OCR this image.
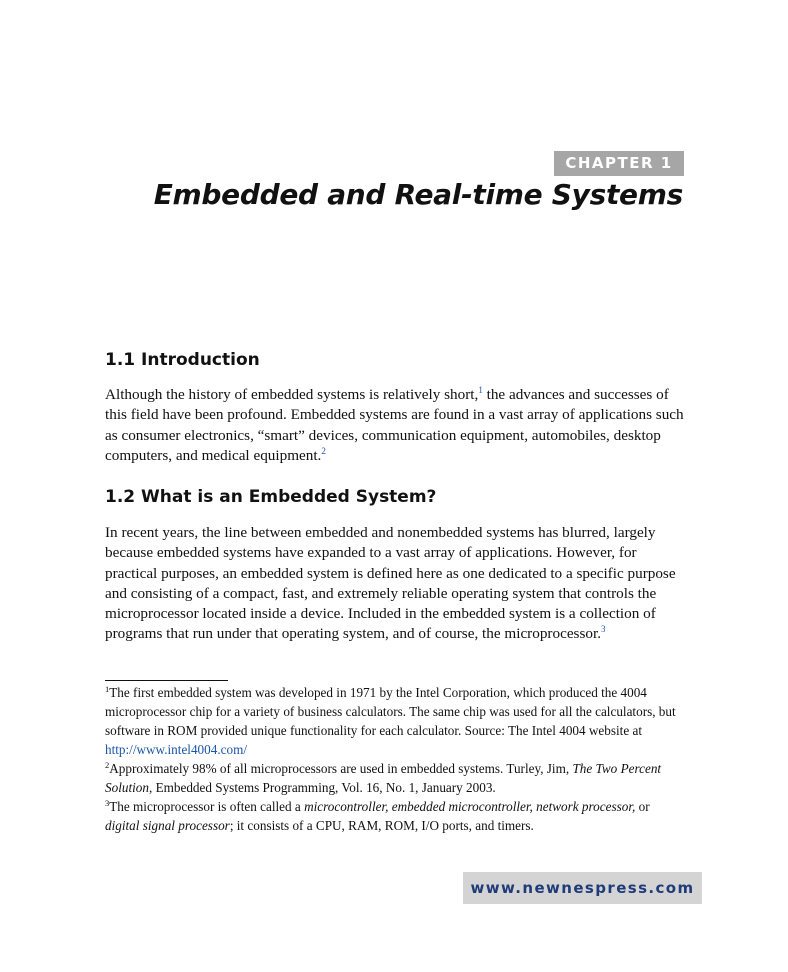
CHAPTER 1
Embedded and Real-time Systems
1.1 Introduction

Although the history of embedded systems is relatively short,$^1$ the advances and successes of this field have been profound. Embedded systems are found in a vast array of applications such as consumer electronics, “smart” devices, communication equipment, automobiles, desktop computers, and medical equipment.$^2$

1.2 What is an Embedded System?

In recent years, the line between embedded and nonembedded systems has blurred, largely because embedded systems have expanded to a vast array of applications. However, for practical purposes, an embedded system is defined here as one dedicated to a specific purpose and consisting of a compact, fast, and extremely reliable operating system that controls the microprocessor located inside a device. Included in the embedded system is a collection of programs that run under that operating system, and of course, the microprocessor.$^3$

$^1$The first embedded system was developed in 1971 by the Intel Corporation, which produced the 4004 microprocessor chip for a variety of business calculators. The same chip was used for all the calculators, but software in ROM provided unique functionality for each calculator. Source: The Intel 4004 website at http://www.intel4004.com/

$^2$Approximately 98% of all microprocessors are used in embedded systems. Turley, Jim, The Two Percent Solution, Embedded Systems Programming, Vol. 16, No. 1, January 2003.

$^3$The microprocessor is often called a microcontroller, embedded microcontroller, network processor, or digital signal processor; it consists of a CPU, RAM, ROM, I/O ports, and timers.

www.newnespress.com
